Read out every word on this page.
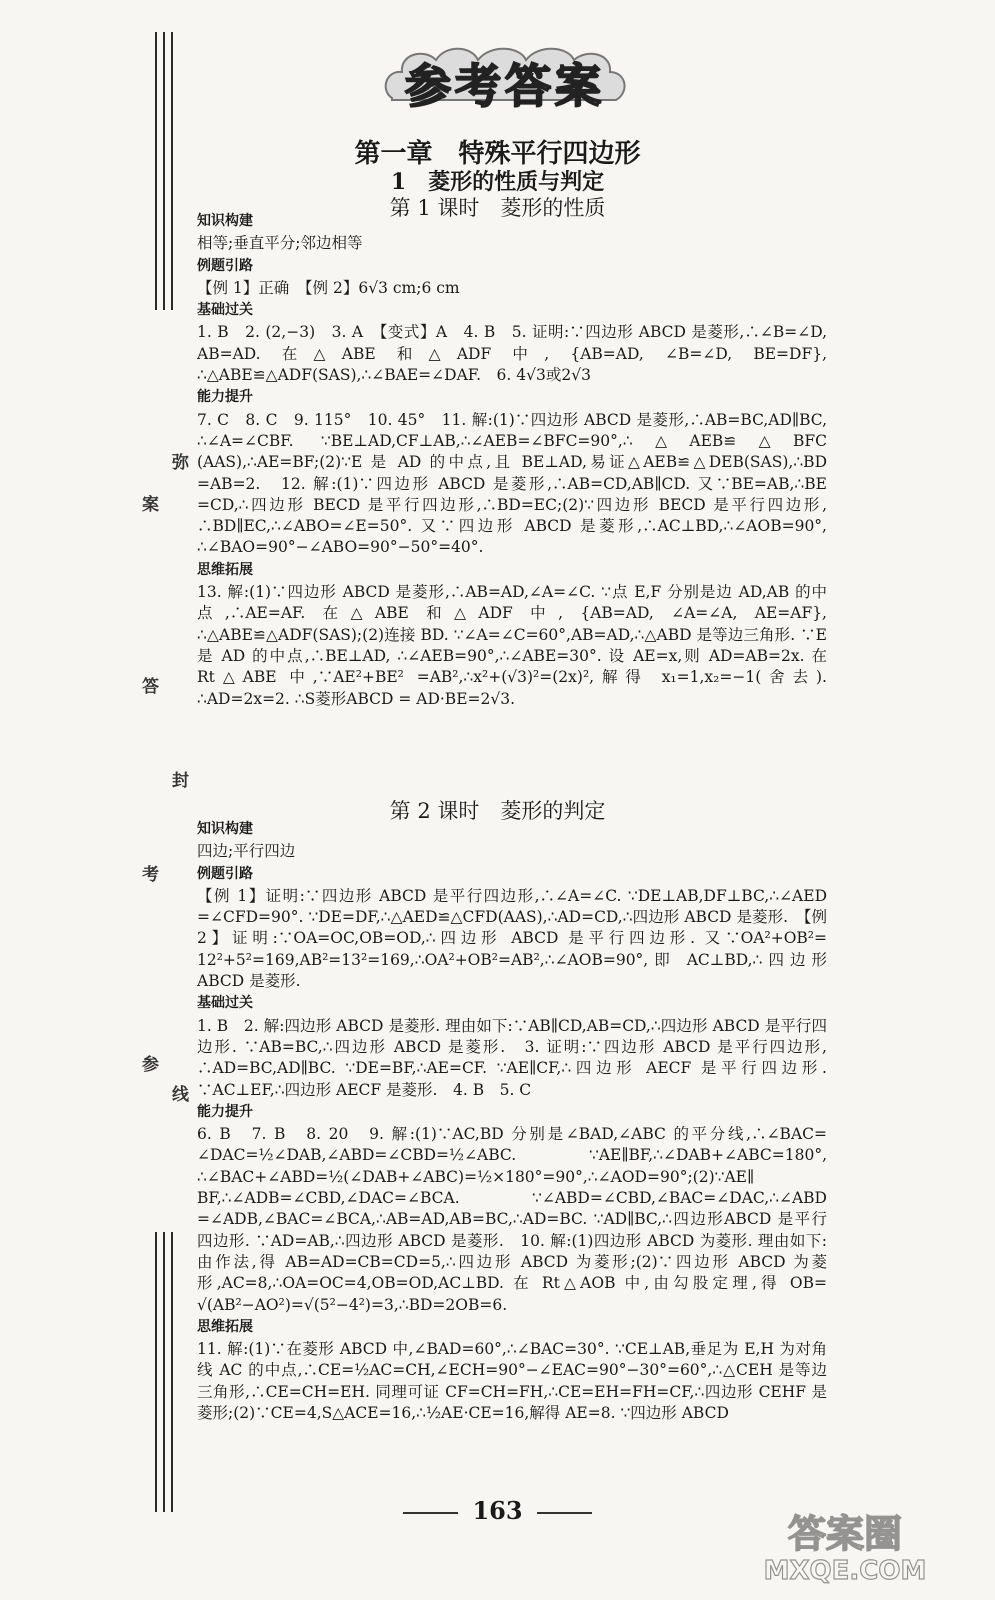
弥
案
答
封
考
参
线
参考答案
第一章　特殊平行四边形
1　菱形的性质与判定
第 1 课时　菱形的性质
知识构建

相等;垂直平分;邻边相等

例题引路

【例 1】正确　【例 2】6√3 cm;6 cm

基础过关

1. B　2. (2,−3)　3. A　【变式】A　4. B　5. 证明:∵四边形 ABCD 是菱形,∴∠B=∠D, AB=AD. 在△ABE 和△ADF 中, {AB=AD, ∠B=∠D, BE=DF}, ∴△ABE≌△ADF(SAS),∴∠BAE=∠DAF.　6. 4√3或2√3

能力提升

7. C　8. C　9. 115°　10. 45°　11. 解:(1)∵四边形 ABCD 是菱形,∴AB=BC,AD∥BC, ∴∠A=∠CBF. ∵BE⊥AD,CF⊥AB,∴∠AEB=∠BFC=90°,∴△AEB≌△BFC (AAS),∴AE=BF;(2)∵E 是 AD 的中点,且 BE⊥AD,易证△AEB≌△DEB(SAS),∴BD =AB=2.　12. 解:(1)∵四边形 ABCD 是菱形,∴AB=CD,AB∥CD. 又∵BE=AB,∴BE =CD,∴四边形 BECD 是平行四边形,∴BD=EC;(2)∵四边形 BECD 是平行四边形, ∴BD∥EC,∴∠ABO=∠E=50°. 又∵四边形 ABCD 是菱形,∴AC⊥BD,∴∠AOB=90°, ∴∠BAO=90°−∠ABO=90°−50°=40°.

思维拓展

13. 解:(1)∵四边形 ABCD 是菱形,∴AB=AD,∠A=∠C. ∵点 E,F 分别是边 AD,AB 的中点,∴AE=AF. 在△ABE 和△ADF 中, {AB=AD, ∠A=∠A, AE=AF}, ∴△ABE≌△ADF(SAS);(2)连接 BD. ∵∠A=∠C=60°,AB=AD,∴△ABD 是等边三角形. ∵E 是 AD 的中点,∴BE⊥AD, ∴∠AEB=90°,∴∠ABE=30°. 设 AE=x,则 AD=AB=2x. 在 Rt△ABE 中,∵AE²+BE² =AB²,∴x²+(√3)²=(2x)²,解得 x₁=1,x₂=−1(舍去). ∴AD=2x=2. ∴S菱形ABCD = AD·BE=2√3.

第 2 课时　菱形的判定
知识构建

四边;平行四边

例题引路

【例 1】证明:∵四边形 ABCD 是平行四边形,∴∠A=∠C. ∵DE⊥AB,DF⊥BC,∴∠AED =∠CFD=90°. ∵DE=DF,∴△AED≌△CFD(AAS),∴AD=CD,∴四边形 ABCD 是菱形.　【例 2】证明:∵OA=OC,OB=OD,∴四边形 ABCD 是平行四边形. 又∵OA²+OB²= 12²+5²=169,AB²=13²=169,∴OA²+OB²=AB²,∴∠AOB=90°,即 AC⊥BD,∴四边形 ABCD 是菱形.

基础过关

1. B　2. 解:四边形 ABCD 是菱形. 理由如下:∵AB∥CD,AB=CD,∴四边形 ABCD 是平行四边形. ∵AB=BC,∴四边形 ABCD 是菱形.　3. 证明:∵四边形 ABCD 是平行四边形, ∴AD=BC,AD∥BC. ∵DE=BF,∴AE=CF. ∵AE∥CF,∴四边形 AECF 是平行四边形. ∵AC⊥EF,∴四边形 AECF 是菱形.　4. B　5. C

能力提升

6. B　7. B　8. 20　9. 解:(1)∵AC,BD 分别是∠BAD,∠ABC 的平分线,∴∠BAC= ∠DAC=½∠DAB,∠ABD=∠CBD=½∠ABC. ∵AE∥BF,∴∠DAB+∠ABC=180°, ∴∠BAC+∠ABD=½(∠DAB+∠ABC)=½×180°=90°,∴∠AOD=90°;(2)∵AE∥ BF,∴∠ADB=∠CBD,∠DAC=∠BCA. ∵∠ABD=∠CBD,∠BAC=∠DAC,∴∠ABD =∠ADB,∠BAC=∠BCA,∴AB=AD,AB=BC,∴AD=BC. ∵AD∥BC,∴四边形ABCD 是平行四边形. ∵AD=AB,∴四边形 ABCD 是菱形.　10. 解:(1)四边形 ABCD 为菱形. 理由如下:由作法,得 AB=AD=CB=CD=5,∴四边形 ABCD 为菱形;(2)∵四边形 ABCD 为菱形,AC=8,∴OA=OC=4,OB=OD,AC⊥BD. 在 Rt△AOB 中,由勾股定理,得 OB= √(AB²−AO²)=√(5²−4²)=3,∴BD=2OB=6.

思维拓展

11. 解:(1)∵在菱形 ABCD 中,∠BAD=60°,∴∠BAC=30°. ∵CE⊥AB,垂足为 E,H 为对角线 AC 的中点,∴CE=½AC=CH,∠ECH=90°−∠EAC=90°−30°=60°,∴△CEH 是等边三角形,∴CE=CH=EH. 同理可证 CF=CH=FH,∴CE=EH=FH=CF,∴四边形 CEHF 是菱形;(2)∵CE=4,S△ACE=16,∴½AE·CE=16,解得 AE=8. ∵四边形 ABCD

163
答案圈
MXQE.COM
